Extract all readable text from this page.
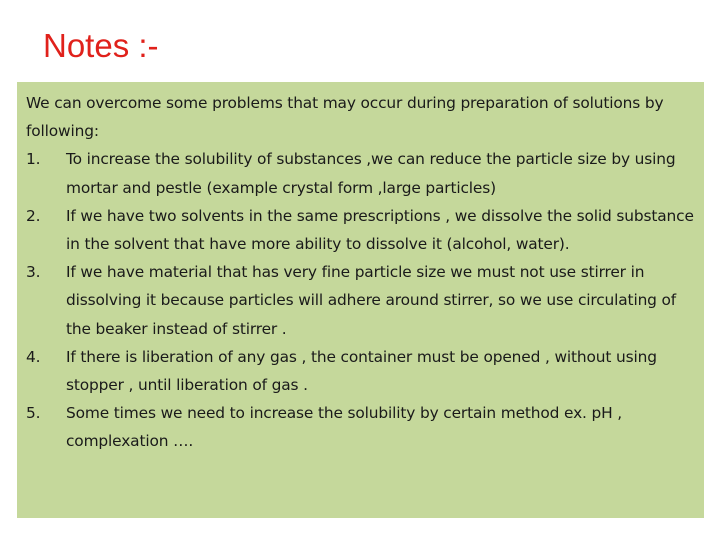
Notes :-

We can overcome some problems that may occur during preparation of solutions by following:

1.	To increase the solubility of substances ,we can reduce the particle size by using mortar and pestle (example crystal form ,large particles)
2.	If we have two solvents in the same prescriptions , we dissolve the solid substance in the solvent that have more ability to dissolve it (alcohol, water).
3.	If we have material that has very fine particle size we must not use stirrer in dissolving it because particles will adhere around stirrer, so we use circulating of the beaker instead of stirrer .
4.	If there is liberation of any gas , the container must be opened , without using stopper , until liberation of gas .
5.	Some times we need to increase the solubility by certain method ex. pH , complexation ….
